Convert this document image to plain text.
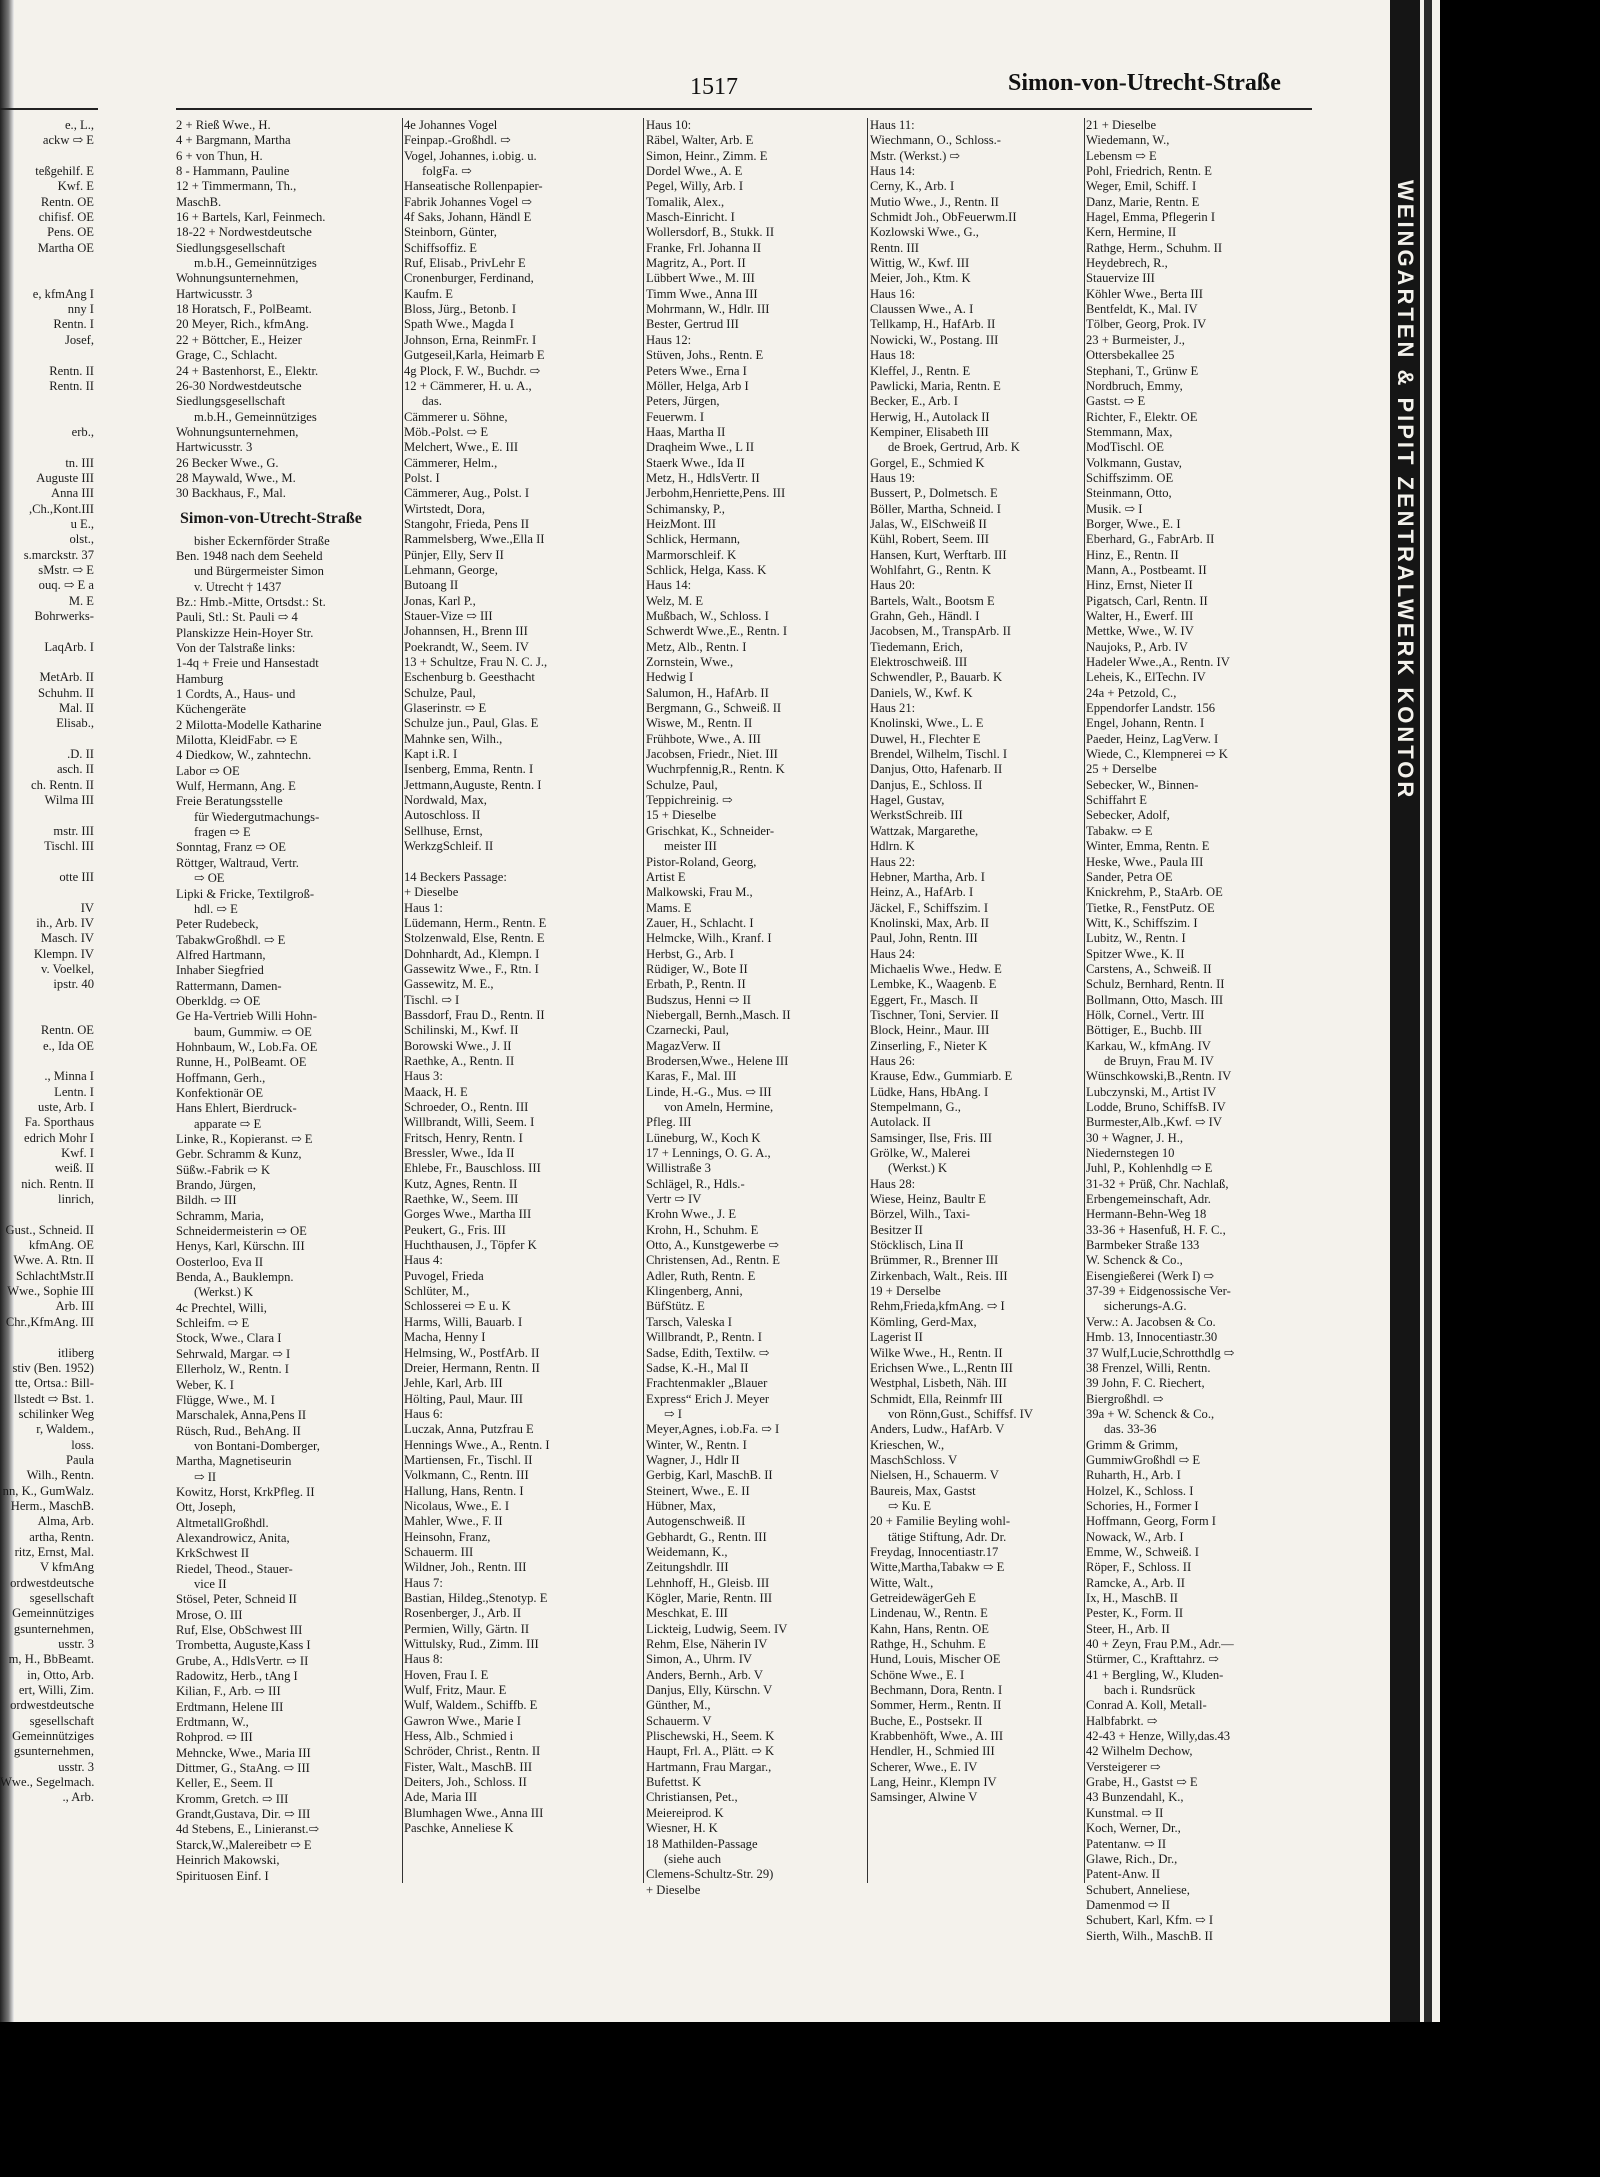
1517	Simon-von-Utrecht-Straße
e., L.,
ackw ⇨ E

teßgehilf. E
Kwf. E
Rentn. OE
chifisf. OE
Pens. OE
Martha OE

e, kfmAng I
nny I
Rentn. I
Josef,

Rentn. II
Rentn. II

erb.,

tn. III
Auguste III
Anna III
,Ch.,Kont.III
u E.,
olst.,
s.marckstr. 37
sMstr. ⇨ E
ouq. ⇨ E a
M. E
Bohrwerks-

LaqArb. I

MetArb. II
Schuhm. II
Mal. II
Elisab.,

.D. II
asch. II
ch. Rentn. II
Wilma III

mstr. III
Tischl. III

otte III

IV
ih., Arb. IV
Masch. IV
Klempn. IV
v. Voelkel,
ipstr. 40

Rentn. OE
e., Ida OE

., Minna I
Lentn. I
uste, Arb. I
Fa. Sporthaus
edrich Mohr I
Kwf. I
weiß. II
nich. Rentn. II
linrich,

Gust., Schneid. II
kfmAng. OE
Wwe. A. Rtn. II
SchlachtMstr.II
Wwe., Sophie III
Arb. III
Chr.,KfmAng. III

itliberg
stiv (Ben. 1952)
tte, Ortsa.: Bill-
llstedt ⇨ Bst. 1.
schilinker Weg
r, Waldem.,
loss.
Paula
Wilh., Rentn.
nn, K., GumWalz.
Herm., MaschB.
Alma, Arb.
artha, Rentn.
ritz, Ernst, Mal.
V kfmAng
ordwestdeutsche
sgesellschaft
Gemeinnütziges
gsunternehmen,
usstr. 3
m, H., BbBeamt.
in, Otto, Arb.
ert, Willi, Zim.
ordwestdeutsche
sgesellschaft
Gemeinnütziges
gsunternehmen,
usstr. 3
Wwe., Segelmach.
., Arb.
2 + Rieß Wwe., H.
4 + Bargmann, Martha
6 + von Thun, H.
8 - Hammann, Pauline
12 + Timmermann, Th.,
MaschB.
16 + Bartels, Karl, Feinmech.
18-22 + Nordwestdeutsche
Siedlungsgesellschaft
m.b.H., Gemeinnütziges
Wohnungsunternehmen,
Hartwicusstr. 3
18 Horatsch, F., PolBeamt.
20 Meyer, Rich., kfmAng.
22 + Böttcher, E., Heizer
Grage, C., Schlacht.
24 + Bastenhorst, E., Elektr.
26-30 Nordwestdeutsche
Siedlungsgesellschaft
m.b.H., Gemeinnütziges
Wohnungsunternehmen,
Hartwicusstr. 3
26 Becker Wwe., G.
28 Maywald, Wwe., M.
30 Backhaus, F., Mal.
Simon-von-Utrecht-Straße
bisher Eckernförder Straße
Ben. 1948 nach dem Seeheld
und Bürgermeister Simon
v. Utrecht † 1437
Bz.: Hmb.-Mitte, Ortsdst.: St.
Pauli, Stl.: St. Pauli ⇨ 4
Planskizze Hein-Hoyer Str.
Von der Talstraße links:
1-4q + Freie und Hansestadt
Hamburg
1 Cordts, A., Haus- und
Küchengeräte
2 Milotta-Modelle Katharine
Milotta, KleidFabr. ⇨ E
4 Diedkow, W., zahntechn.
Labor ⇨ OE
Wulf, Hermann, Ang. E
Freie Beratungsstelle
für Wiedergutmachungs-
fragen ⇨ E
Sonntag, Franz ⇨ OE
Röttger, Waltraud, Vertr.
⇨ OE
Lipki & Fricke, Textilgroß-
hdl. ⇨ E
Peter Rudebeck,
TabakwGroßhdl. ⇨ E
Alfred Hartmann,
Inhaber Siegfried
Rattermann, Damen-
Oberkldg. ⇨ OE
Ge Ha-Vertrieb Willi Hohn-
baum, Gummiw. ⇨ OE
Hohnbaum, W., Lob.Fa. OE
Runne, H., PolBeamt. OE
Hoffmann, Gerh.,
Konfektionär OE
Hans Ehlert, Bierdruck-
apparate ⇨ E
Linke, R., Kopieranst. ⇨ E
Gebr. Schramm & Kunz,
Süßw.-Fabrik ⇨ K
Brando, Jürgen,
Bildh. ⇨ III
Schramm, Maria,
Schneidermeisterin ⇨ OE
Henys, Karl, Kürschn. III
Oosterloo, Eva II
Benda, A., Bauklempn.
(Werkst.) K
4c Prechtel, Willi,
Schleifm. ⇨ E
Stock, Wwe., Clara I
Sehrwald, Margar. ⇨ I
Ellerholz, W., Rentn. I
Weber, K. I
Flügge, Wwe., M. I
Marschalek, Anna,Pens II
Rüsch, Rud., BehAng. II
von Bontani-Domberger,
Martha, Magnetiseurin
⇨ II
Kowitz, Horst, KrkPfleg. II
Ott, Joseph,
AltmetallGroßhdl.
Alexandrowicz, Anita,
KrkSchwest II
Riedel, Theod., Stauer-
vice II
Stösel, Peter, Schneid II
Mrose, O. III
Ruf, Else, ObSchwest III
Trombetta, Auguste,Kass I
Grube, A., HdlsVertr. ⇨ II
Radowitz, Herb., tAng I
Kilian, F., Arb. ⇨ III
Erdtmann, Helene III
Erdtmann, W.,
Rohprod. ⇨ III
Mehncke, Wwe., Maria III
Dittmer, G., StaAng. ⇨ III
Keller, E., Seem. II
Kromm, Gretch. ⇨ III
Grandt,Gustava, Dir. ⇨ III
4d Stebens, E., Linieranst.⇨
Starck,W.,Malereibetr ⇨ E
Heinrich Makowski,
Spirituosen Einf. I
4e Johannes Vogel
Feinpap.-Großhdl. ⇨
Vogel, Johannes, i.obig. u.
folgFa. ⇨
Hanseatische Rollenpapier-
Fabrik Johannes Vogel ⇨
4f Saks, Johann, Händl E
Steinborn, Günter,
Schiffsoffiz. E
Ruf, Elisab., PrivLehr E
Cronenburger, Ferdinand,
Kaufm. E
Bloss, Jürg., Betonb. I
Spath Wwe., Magda I
Johnson, Erna, ReinmFr. I
Gutgeseil,Karla, Heimarb E
4g Plock, F. W., Buchdr. ⇨
12 + Cämmerer, H. u. A.,
das.
Cämmerer u. Söhne,
Möb.-Polst. ⇨ E
Melchert, Wwe., E. III
Cämmerer, Helm.,
Polst. I
Cämmerer, Aug., Polst. I
Wirtstedt, Dora,
Stangohr, Frieda, Pens II
Rammelsberg, Wwe.,Ella II
Pünjer, Elly, Serv II
Lehmann, George,
Butoang II
Jonas, Karl P.,
Stauer-Vize ⇨ III
Johannsen, H., Brenn III
Poekrandt, W., Seem. IV
13 + Schultze, Frau N. C. J.,
Eschenburg b. Geesthacht
Schulze, Paul,
Glaserinstr. ⇨ E
Schulze jun., Paul, Glas. E
Mahnke sen, Wilh.,
Kapt i.R. I
Isenberg, Emma, Rentn. I
Jettmann,Auguste, Rentn. I
Nordwald, Max,
Autoschloss. II
Sellhuse, Ernst,
WerkzgSchleif. II

14 Beckers Passage:
+ Dieselbe
Haus 1:
Lüdemann, Herm., Rentn. E
Stolzenwald, Else, Rentn. E
Dohnhardt, Ad., Klempn. I
Gassewitz Wwe., F., Rtn. I
Gassewitz, M. E.,
Tischl. ⇨ I
Bassdorf, Frau D., Rentn. II
Schilinski, M., Kwf. II
Borowski Wwe., J. II
Raethke, A., Rentn. II
Haus 3:
Maack, H. E
Schroeder, O., Rentn. III
Willbrandt, Willi, Seem. I
Fritsch, Henry, Rentn. I
Bressler, Wwe., Ida II
Ehlebe, Fr., Bauschloss. III
Kutz, Agnes, Rentn. II
Raethke, W., Seem. III
Gorges Wwe., Martha III
Peukert, G., Fris. III
Huchthausen, J., Töpfer K
Haus 4:
Puvogel, Frieda
Schlüter, M.,
Schlosserei ⇨ E u. K
Harms, Willi, Bauarb. I
Macha, Henny I
Helmsing, W., PostfArb. II
Dreier, Hermann, Rentn. II
Jehle, Karl, Arb. III
Hölting, Paul, Maur. III
Haus 6:
Luczak, Anna, Putzfrau E
Hennings Wwe., A., Rentn. I
Martiensen, Fr., Tischl. II
Volkmann, C., Rentn. III
Hallung, Hans, Rentn. I
Nicolaus, Wwe., E. I
Mahler, Wwe., F. II
Heinsohn, Franz,
Schauerm. III
Wildner, Joh., Rentn. III
Haus 7:
Bastian, Hildeg.,Stenotyp. E
Rosenberger, J., Arb. II
Permien, Willy, Gärtn. II
Wittulsky, Rud., Zimm. III
Haus 8:
Hoven, Frau I. E
Wulf, Fritz, Maur. E
Wulf, Waldem., Schiffb. E
Gawron Wwe., Marie I
Hess, Alb., Schmied i
Schröder, Christ., Rentn. II
Fister, Walt., MaschB. III
Deiters, Joh., Schloss. II
Ade, Maria III
Blumhagen Wwe., Anna III
Paschke, Anneliese K
Haus 10:
Räbel, Walter, Arb. E
Simon, Heinr., Zimm. E
Dordel Wwe., A. E
Pegel, Willy, Arb. I
Tomalik, Alex.,
Masch-Einricht. I
Wollersdorf, B., Stukk. II
Franke, Frl. Johanna II
Magritz, A., Port. II
Lübbert Wwe., M. III
Timm Wwe., Anna III
Mohrmann, W., Hdlr. III
Bester, Gertrud III
Haus 12:
Stüven, Johs., Rentn. E
Peters Wwe., Erna I
Möller, Helga, Arb I
Peters, Jürgen,
Feuerwm. I
Haas, Martha II
Draqheim Wwe., L II
Staerk Wwe., Ida II
Metz, H., HdlsVertr. II
Jerbohm,Henriette,Pens. III
Schimansky, P.,
HeizMont. III
Schlick, Hermann,
Marmorschleif. K
Schlick, Helga, Kass. K
Haus 14:
Welz, M. E
Mußbach, W., Schloss. I
Schwerdt Wwe.,E., Rentn. I
Metz, Alb., Rentn. I
Zornstein, Wwe.,
Hedwig I
Salumon, H., HafArb. II
Bergmann, G., Schweiß. II
Wiswe, M., Rentn. II
Frühbote, Wwe., A. III
Jacobsen, Friedr., Niet. III
Wuchrpfennig,R., Rentn. K
Schulze, Paul,
Teppichreinig. ⇨
15 + Dieselbe
Grischkat, K., Schneider-
meister III
Pistor-Roland, Georg,
Artist E
Malkowski, Frau M.,
Mams. E
Zauer, H., Schlacht. I
Helmcke, Wilh., Kranf. I
Herbst, G., Arb. I
Rüdiger, W., Bote II
Erbath, P., Rentn. II
Budszus, Henni ⇨ II
Niebergall, Bernh.,Masch. II
Czarnecki, Paul,
MagazVerw. II
Brodersen,Wwe., Helene III
Karas, F., Mal. III
Linde, H.-G., Mus. ⇨ III
von Ameln, Hermine,
Pfleg. III
Lüneburg, W., Koch K
17 + Lennings, O. G. A.,
Willistraße 3
Schlägel, R., Hdls.-
Vertr ⇨ IV
Krohn Wwe., J. E
Krohn, H., Schuhm. E
Otto, A., Kunstgewerbe ⇨
Christensen, Ad., Rentn. E
Adler, Ruth, Rentn. E
Klingenberg, Anni,
BüfStütz. E
Tarsch, Valeska I
Willbrandt, P., Rentn. I
Sadse, Edith, Textilw. ⇨
Sadse, K.-H., Mal II
Frachtenmakler „Blauer
Express“ Erich J. Meyer
⇨ I
Meyer,Agnes, i.ob.Fa. ⇨ I
Winter, W., Rentn. I
Wagner, J., Hdlr II
Gerbig, Karl, MaschB. II
Steinert, Wwe., E. II
Hübner, Max,
Autogenschweiß. II
Gebhardt, G., Rentn. III
Weidemann, K.,
Zeitungshdlr. III
Lehnhoff, H., Gleisb. III
Kögler, Marie, Rentn. III
Meschkat, E. III
Lickteig, Ludwig, Seem. IV
Rehm, Else, Näherin IV
Simon, A., Uhrm. IV
Anders, Bernh., Arb. V
Danjus, Elly, Kürschn. V
Günther, M.,
Schauerm. V
Plischewski, H., Seem. K
Haupt, Frl. A., Plätt. ⇨ K
Hartmann, Frau Margar.,
Bufettst. K
Christiansen, Pet.,
Meiereiprod. K
Wiesner, H. K
18 Mathilden-Passage
(siehe auch
Clemens-Schultz-Str. 29)
+ Dieselbe
Haus 11:
Wiechmann, O., Schloss.-
Mstr. (Werkst.) ⇨
Haus 14:
Cerny, K., Arb. I
Mutio Wwe., J., Rentn. II
Schmidt Joh., ObFeuerwm.II
Kozlowski Wwe., G.,
Rentn. III
Wittig, W., Kwf. III
Meier, Joh., Ktm. K
Haus 16:
Claussen Wwe., A. I
Tellkamp, H., HafArb. II
Nowicki, W., Postang. III
Haus 18:
Kleffel, J., Rentn. E
Pawlicki, Maria, Rentn. E
Becker, E., Arb. I
Herwig, H., Autolack II
Kempiner, Elisabeth III
de Broek, Gertrud, Arb. K
Gorgel, E., Schmied K
Haus 19:
Bussert, P., Dolmetsch. E
Böller, Martha, Schneid. I
Jalas, W., ElSchweiß II
Kühl, Robert, Seem. III
Hansen, Kurt, Werftarb. III
Wohlfahrt, G., Rentn. K
Haus 20:
Bartels, Walt., Bootsm E
Grahn, Geh., Händl. I
Jacobsen, M., TranspArb. II
Tiedemann, Erich,
Elektroschweiß. III
Schwendler, P., Bauarb. K
Daniels, W., Kwf. K
Haus 21:
Knolinski, Wwe., L. E
Duwel, H., Flechter E
Brendel, Wilhelm, Tischl. I
Danjus, Otto, Hafenarb. II
Danjus, E., Schloss. II
Hagel, Gustav,
WerkstSchreib. III
Wattzak, Margarethe,
Hdlrn. K
Haus 22:
Hebner, Martha, Arb. I
Heinz, A., HafArb. I
Jäckel, F., Schiffszim. I
Knolinski, Max, Arb. II
Paul, John, Rentn. III
Haus 24:
Michaelis Wwe., Hedw. E
Lembke, K., Waagenb. E
Eggert, Fr., Masch. II
Tischner, Toni, Servier. II
Block, Heinr., Maur. III
Zinserling, F., Nieter K
Haus 26:
Krause, Edw., Gummiarb. E
Lüdke, Hans, HbAng. I
Stempelmann, G.,
Autolack. II
Samsinger, Ilse, Fris. III
Grölke, W., Malerei
(Werkst.) K
Haus 28:
Wiese, Heinz, Baultr E
Börzel, Wilh., Taxi-
Besitzer II
Stöcklisch, Lina II
Brümmer, R., Brenner III
Zirkenbach, Walt., Reis. III
19 + Derselbe
Rehm,Frieda,kfmAng. ⇨ I
Kömling, Gerd-Max,
Lagerist II
Wilke Wwe., H., Rentn. II
Erichsen Wwe., L.,Rentn III
Westphal, Lisbeth, Näh. III
Schmidt, Ella, Reinmfr III
von Rönn,Gust., Schiffsf. IV
Anders, Ludw., HafArb. V
Krieschen, W.,
MaschSchloss. V
Nielsen, H., Schauerm. V
Baureis, Max, Gastst
⇨ Ku. E
20 + Familie Beyling wohl-
tätige Stiftung, Adr. Dr.
Freydag, Innocentiastr.17
Witte,Martha,Tabakw ⇨ E
Witte, Walt.,
GetreidewägerGeh E
Lindenau, W., Rentn. E
Kahn, Hans, Rentn. OE
Rathge, H., Schuhm. E
Hund, Louis, Mischer OE
Schöne Wwe., E. I
Bechmann, Dora, Rentn. I
Sommer, Herm., Rentn. II
Buche, E., Postsekr. II
Krabbenhöft, Wwe., A. III
Hendler, H., Schmied III
Scherer, Wwe., E. IV
Lang, Heinr., Klempn IV
Samsinger, Alwine V
21 + Dieselbe
Wiedemann, W.,
Lebensm ⇨ E
Pohl, Friedrich, Rentn. E
Weger, Emil, Schiff. I
Danz, Marie, Rentn. E
Hagel, Emma, Pflegerin I
Kern, Hermine, II
Rathge, Herm., Schuhm. II
Heydebrech, R.,
Stauervize III
Köhler Wwe., Berta III
Bentfeldt, K., Mal. IV
Tölber, Georg, Prok. IV
23 + Burmeister, J.,
Ottersbekallee 25
Stephani, T., Grünw E
Nordbruch, Emmy,
Gastst. ⇨ E
Richter, F., Elektr. OE
Stemmann, Max,
ModTischl. OE
Volkmann, Gustav,
Schiffszimm. OE
Steinmann, Otto,
Musik. ⇨ I
Borger, Wwe., E. I
Eberhard, G., FabrArb. II
Hinz, E., Rentn. II
Mann, A., Postbeamt. II
Hinz, Ernst, Nieter II
Pigatsch, Carl, Rentn. II
Walter, H., Ewerf. III
Mettke, Wwe., W. IV
Naujoks, P., Arb. IV
Hadeler Wwe.,A., Rentn. IV
Leheis, K., ElTechn. IV
24a + Petzold, C.,
Eppendorfer Landstr. 156
Engel, Johann, Rentn. I
Paeder, Heinz, LagVerw. I
Wiede, C., Klempnerei ⇨ K
25 + Derselbe
Sebecker, W., Binnen-
Schiffahrt E
Sebecker, Adolf,
Tabakw. ⇨ E
Winter, Emma, Rentn. E
Heske, Wwe., Paula III
Sander, Petra OE
Knickrehm, P., StaArb. OE
Tietke, R., FenstPutz. OE
Witt, K., Schiffszim. I
Lubitz, W., Rentn. I
Spitzer Wwe., K. II
Carstens, A., Schweiß. II
Schulz, Bernhard, Rentn. II
Bollmann, Otto, Masch. III
Hölk, Cornel., Vertr. III
Böttiger, E., Buchb. III
Karkau, W., kfmAng. IV
de Bruyn, Frau M. IV
Wünschkowski,B.,Rentn. IV
Lubczynski, M., Artist IV
Lodde, Bruno, SchiffsB. IV
Burmester,Alb.,Kwf. ⇨ IV
30 + Wagner, J. H.,
Niedernstegen 10
Juhl, P., Kohlenhdlg ⇨ E
31-32 + Prüß, Chr. Nachlaß,
Erbengemeinschaft, Adr.
Hermann-Behn-Weg 18
33-36 + Hasenfuß, H. F. C.,
Barmbeker Straße 133
W. Schenck & Co.,
Eisengießerei (Werk I) ⇨
37-39 + Eidgenossische Ver-
sicherungs-A.G.
Verw.: A. Jacobsen & Co.
Hmb. 13, Innocentiastr.30
37 Wulf,Lucie,Schrotthdlg ⇨
38 Frenzel, Willi, Rentn.
39 John, F. C. Riechert,
Biergroßhdl. ⇨
39a + W. Schenck & Co.,
das. 33-36
Grimm & Grimm,
GummiwGroßhdl ⇨ E
Ruharth, H., Arb. I
Holzel, K., Schloss. I
Schories, H., Former I
Hoffmann, Georg, Form I
Nowack, W., Arb. I
Emme, W., Schweiß. I
Röper, F., Schloss. II
Ramcke, A., Arb. II
Ix, H., MaschB. II
Pester, K., Form. II
Steer, H., Arb. II
40 + Zeyn, Frau P.M., Adr.—
Stürmer, C., Krafttahrz. ⇨
41 + Bergling, W., Kluden-
bach i. Rundsrück
Conrad A. Koll, Metall-
Halbfabrkt. ⇨
42-43 + Henze, Willy,das.43
42 Wilhelm Dechow,
Versteigerer ⇨
Grabe, H., Gastst ⇨ E
43 Bunzendahl, K.,
Kunstmal. ⇨ II
Koch, Werner, Dr.,
Patentanw. ⇨ II
Glawe, Rich., Dr.,
Patent-Anw. II
Schubert, Anneliese,
Damenmod ⇨ II
Schubert, Karl, Kfm. ⇨ I
Sierth, Wilh., MaschB. II
WEINGARTEN & PIPIT ZENTRALWERK KONTOR
